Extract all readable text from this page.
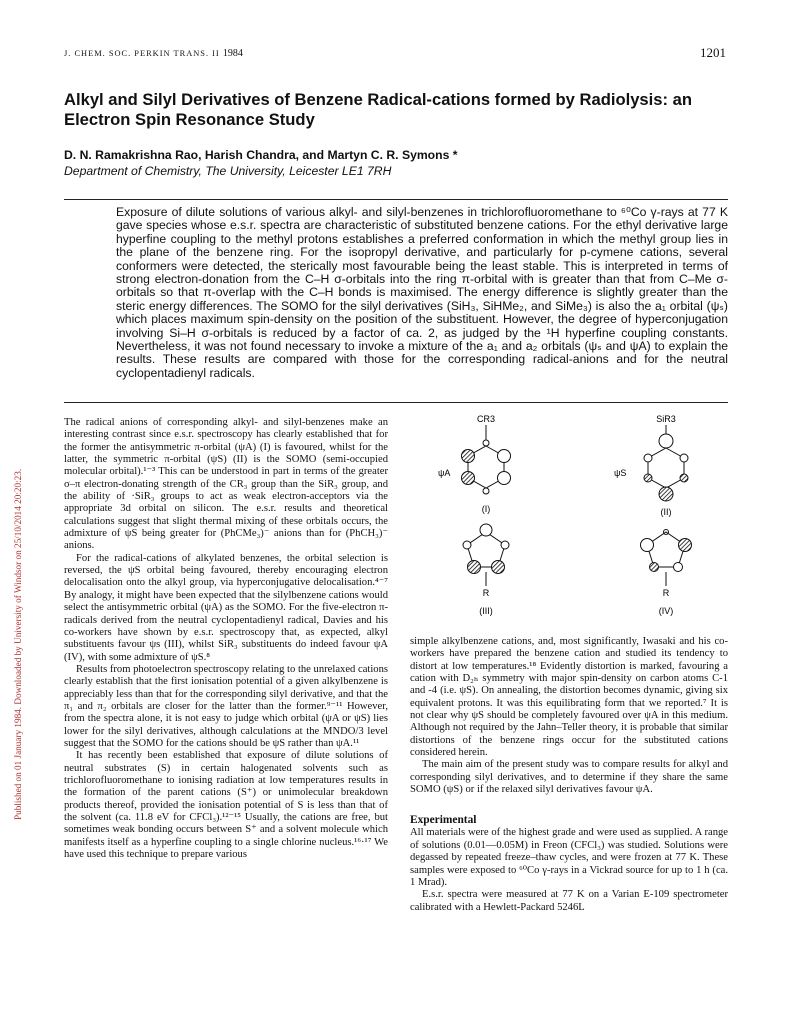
Published on 01 January 1984. Downloaded by University of Windsor on 25/10/2014 20:20:23.
J. CHEM. SOC. PERKIN TRANS. II 1984	1201
Alkyl and Silyl Derivatives of Benzene Radical-cations formed by Radiolysis: an Electron Spin Resonance Study
D. N. Ramakrishna Rao, Harish Chandra, and Martyn C. R. Symons *
Department of Chemistry, The University, Leicester LE1 7RH
Exposure of dilute solutions of various alkyl- and silyl-benzenes in trichlorofluoromethane to ⁶⁰Co γ-rays at 77 K gave species whose e.s.r. spectra are characteristic of substituted benzene cations. For the ethyl derivative large hyperfine coupling to the methyl protons establishes a preferred conformation in which the methyl group lies in the plane of the benzene ring. For the isopropyl derivative, and particularly for p-cymene cations, several conformers were detected, the sterically most favourable being the least stable. This is interpreted in terms of strong electron-donation from the C–H σ-orbitals into the ring π-orbital with is greater than that from C–Me σ-orbitals so that π-overlap with the C–H bonds is maximised. The energy difference is slightly greater than the steric energy differences. The SOMO for the silyl derivatives (SiH₃, SiHMe₂, and SiMe₃) is also the a₁ orbital (ψₛ) which places maximum spin-density on the position of the substituent. However, the degree of hyperconjugation involving Si–H σ-orbitals is reduced by a factor of ca. 2, as judged by the ¹H hyperfine coupling constants. Nevertheless, it was not found necessary to invoke a mixture of the a₁ and a₂ orbitals (ψₛ and ψA) to explain the results. These results are compared with those for the corresponding radical-anions and for the neutral cyclopentadienyl radicals.

The radical anions of corresponding alkyl- and silyl-benzenes make an interesting contrast since e.s.r. spectroscopy has clearly established that for the former the antisymmetric π-orbital (ψA) (I) is favoured, whilst for the latter, the symmetric π-orbital (ψS) (II) is the SOMO (semi-occupied molecular orbital).¹⁻³ This can be understood in part in terms of the greater σ–π electron-donating strength of the CR₃ group than the SiR₃ group, and the ability of ·SiR₃ groups to act as weak electron-acceptors via the appropriate 3d orbital on silicon. The e.s.r. results and theoretical calculations suggest that slight thermal mixing of these orbitals occurs, the admixture of ψS being greater for (PhCMe₃)⁻ anions than for (PhCH₃)⁻ anions.

For the radical-cations of alkylated benzenes, the orbital selection is reversed, the ψS orbital being favoured, thereby encouraging electron delocalisation onto the alkyl group, via hyperconjugative delocalisation.⁴⁻⁷ By analogy, it might have been expected that the silylbenzene cations would select the antisymmetric orbital (ψA) as the SOMO. For the five-electron π-radicals derived from the neutral cyclopentadienyl radical, Davies and his co-workers have shown by e.s.r. spectroscopy that, as expected, alkyl substituents favour ψs (III), whilst SiR₃ substituents do indeed favour ψA (IV), with some admixture of ψS.⁸

Results from photoelectron spectroscopy relating to the unrelaxed cations clearly establish that the first ionisation potential of a given alkylbenzene is appreciably less than that for the corresponding silyl derivative, and that the π₁ and π₂ orbitals are closer for the latter than the former.⁹⁻¹¹ However, from the spectra alone, it is not easy to judge which orbital (ψA or ψS) lies lower for the silyl derivatives, although calculations at the MNDO/3 level suggest that the SOMO for the cations should be ψS rather than ψA.¹¹

It has recently been established that exposure of dilute solutions of neutral substrates (S) in certain halogenated solvents such as trichlorofluoromethane to ionising radiation at low temperatures results in the formation of the parent cations (S⁺) or unimolecular breakdown products thereof, provided the ionisation potential of S is less than that of the solvent (ca. 11.8 eV for CFCl₃).¹²⁻¹⁵ Usually, the cations are free, but sometimes weak bonding occurs between S⁺ and a solvent molecule which manifests itself as a hyperfine coupling to a single chlorine nucleus.¹⁶·¹⁷ We have used this technique to prepare various

CR3
ψA
(I)
SiR3
ψS
(II)
R
(III)
R
(IV)

simple alkylbenzene cations, and, most significantly, Iwasaki and his co-workers have prepared the benzene cation and studied its tendency to distort at low temperatures.¹⁸ Evidently distortion is marked, favouring a cation with D₂ₕ symmetry with major spin-density on carbon atoms C-1 and -4 (i.e. ψS). On annealing, the distortion becomes dynamic, giving six equivalent protons. It was this equilibrating form that we reported.⁷ It is not clear why ψS should be completely favoured over ψA in this medium. Although not required by the Jahn–Teller theory, it is probable that similar distortions of the benzene rings occur for the substituted cations considered herein.

The main aim of the present study was to compare results for alkyl and corresponding silyl derivatives, and to determine if they share the same SOMO (ψS) or if the relaxed silyl derivatives favour ψA.

Experimental

All materials were of the highest grade and were used as supplied. A range of solutions (0.01—0.05M) in Freon (CFCl₃) was studied. Solutions were degassed by repeated freeze–thaw cycles, and were frozen at 77 K. These samples were exposed to ⁶⁰Co γ-rays in a Vickrad source for up to 1 h (ca. 1 Mrad).

E.s.r. spectra were measured at 77 K on a Varian E-109 spectrometer calibrated with a Hewlett-Packard 5246L
